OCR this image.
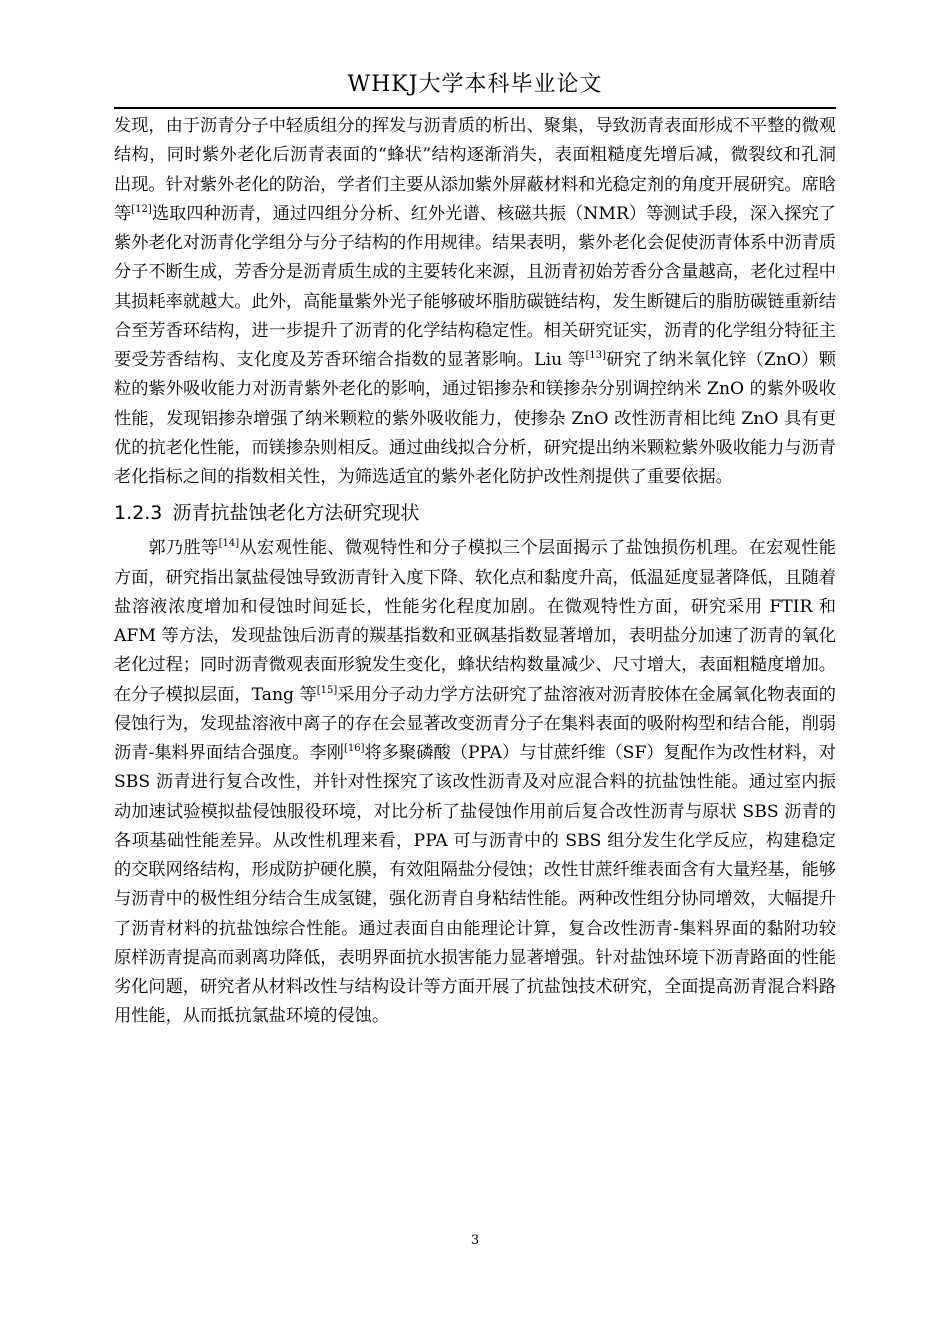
WHKJ大学本科毕业论文

发现，由于沥青分子中轻质组分的挥发与沥青质的析出、聚集，导致沥青表面形成不平整的微观结构，同时紫外老化后沥青表面的“蜂状”结构逐渐消失，表面粗糙度先增后减，微裂纹和孔洞出现。针对紫外老化的防治，学者们主要从添加紫外屏蔽材料和光稳定剂的角度开展研究。席晗等[12]选取四种沥青，通过四组分分析、红外光谱、核磁共振（NMR）等测试手段，深入探究了紫外老化对沥青化学组分与分子结构的作用规律。结果表明，紫外老化会促使沥青体系中沥青质分子不断生成，芳香分是沥青质生成的主要转化来源，且沥青初始芳香分含量越高，老化过程中其损耗率就越大。此外，高能量紫外光子能够破坏脂肪碳链结构，发生断键后的脂肪碳链重新结合至芳香环结构，进一步提升了沥青的化学结构稳定性。相关研究证实，沥青的化学组分特征主要受芳香结构、支化度及芳香环缩合指数的显著影响。Liu 等[13]研究了纳米氧化锌（ZnO）颗粒的紫外吸收能力对沥青紫外老化的影响，通过铝掺杂和镁掺杂分别调控纳米 ZnO 的紫外吸收性能，发现铝掺杂增强了纳米颗粒的紫外吸收能力，使掺杂 ZnO 改性沥青相比纯 ZnO 具有更优的抗老化性能，而镁掺杂则相反。通过曲线拟合分析，研究提出纳米颗粒紫外吸收能力与沥青老化指标之间的指数相关性，为筛选适宜的紫外老化防护改性剂提供了重要依据。

1.2.3 沥青抗盐蚀老化方法研究现状

郭乃胜等[14]从宏观性能、微观特性和分子模拟三个层面揭示了盐蚀损伤机理。在宏观性能方面，研究指出氯盐侵蚀导致沥青针入度下降、软化点和黏度升高，低温延度显著降低，且随着盐溶液浓度增加和侵蚀时间延长，性能劣化程度加剧。在微观特性方面，研究采用 FTIR 和 AFM 等方法，发现盐蚀后沥青的羰基指数和亚砜基指数显著增加，表明盐分加速了沥青的氧化老化过程；同时沥青微观表面形貌发生变化，蜂状结构数量减少、尺寸增大，表面粗糙度增加。在分子模拟层面，Tang 等[15]采用分子动力学方法研究了盐溶液对沥青胶体在金属氧化物表面的侵蚀行为，发现盐溶液中离子的存在会显著改变沥青分子在集料表面的吸附构型和结合能，削弱沥青-集料界面结合强度。李刚[16]将多聚磷酸（PPA）与甘蔗纤维（SF）复配作为改性材料，对 SBS 沥青进行复合改性，并针对性探究了该改性沥青及对应混合料的抗盐蚀性能。通过室内振动加速试验模拟盐侵蚀服役环境，对比分析了盐侵蚀作用前后复合改性沥青与原状 SBS 沥青的各项基础性能差异。从改性机理来看，PPA 可与沥青中的 SBS 组分发生化学反应，构建稳定的交联网络结构，形成防护硬化膜，有效阻隔盐分侵蚀；改性甘蔗纤维表面含有大量羟基，能够与沥青中的极性组分结合生成氢键，强化沥青自身粘结性能。两种改性组分协同增效，大幅提升了沥青材料的抗盐蚀综合性能。通过表面自由能理论计算，复合改性沥青-集料界面的黏附功较原样沥青提高而剥离功降低，表明界面抗水损害能力显著增强。针对盐蚀环境下沥青路面的性能劣化问题，研究者从材料改性与结构设计等方面开展了抗盐蚀技术研究，全面提高沥青混合料路用性能，从而抵抗氯盐环境的侵蚀。

3
